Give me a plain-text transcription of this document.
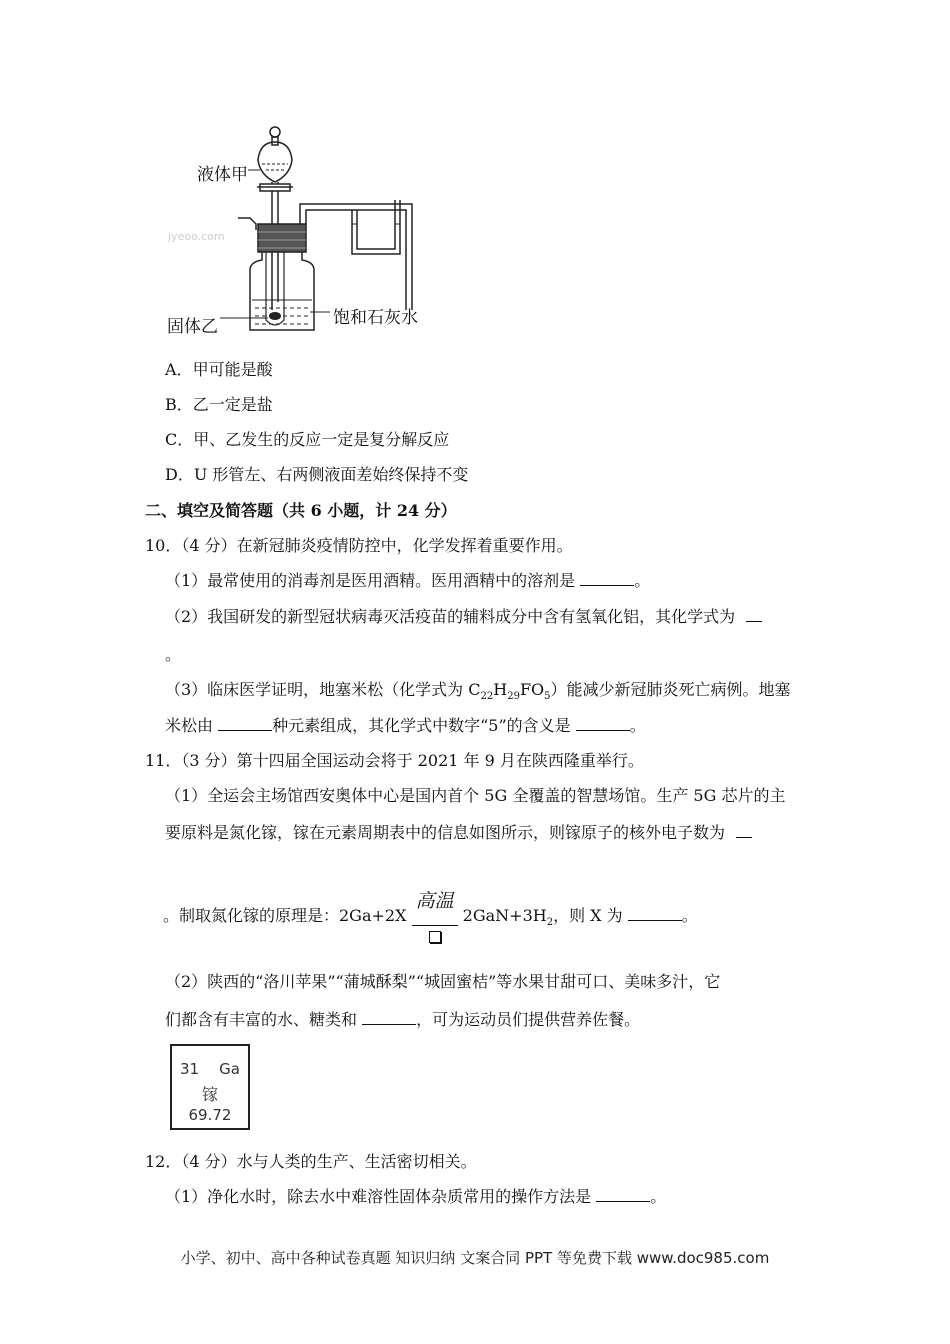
液体甲
固体乙	饱和石灰水
jyeoo.com
A．甲可能是酸
B．乙一定是盐
C．甲、乙发生的反应一定是复分解反应
D．U 形管左、右两侧液面差始终保持不变
二、填空及简答题（共 6 小题，计 24 分）
10．（4 分）在新冠肺炎疫情防控中，化学发挥着重要作用。
（1）最常使用的消毒剂是医用酒精。医用酒精中的溶剂是	。
（2）我国研发的新型冠状病毒灭活疫苗的辅料成分中含有氢氧化铝，其化学式为
。
（3）临床医学证明，地塞米松（化学式为 $C_{22}H_{29}FO_5$）能减少新冠肺炎死亡病例。地塞
米松由	种元素组成，其化学式中数字“5”的含义是	。
11．（3 分）第十四届全国运动会将于 2021 年 9 月在陕西隆重举行。
（1）全运会主场馆西安奥体中心是国内首个 5G 全覆盖的智慧场馆。生产 5G 芯片的主
要原料是氮化镓，镓在元素周期表中的信息如图所示，则镓原子的核外电子数为
。制取氮化镓的原理是：2Ga+2X
高温
$2GaN+3H_2$，则 X 为	。
（2）陕西的“洛川苹果”“蒲城酥梨”“城固蜜桔”等水果甘甜可口、美味多汁，它
们都含有丰富的水、糖类和	，可为运动员们提供营养佐餐。
31 Ga
镓
69.72
12．（4 分）水与人类的生产、生活密切相关。
（1）净化水时，除去水中难溶性固体杂质常用的操作方法是	。
小学、初中、高中各种试卷真题 知识归纳 文案合同 PPT 等免费下载 www.doc985.com
